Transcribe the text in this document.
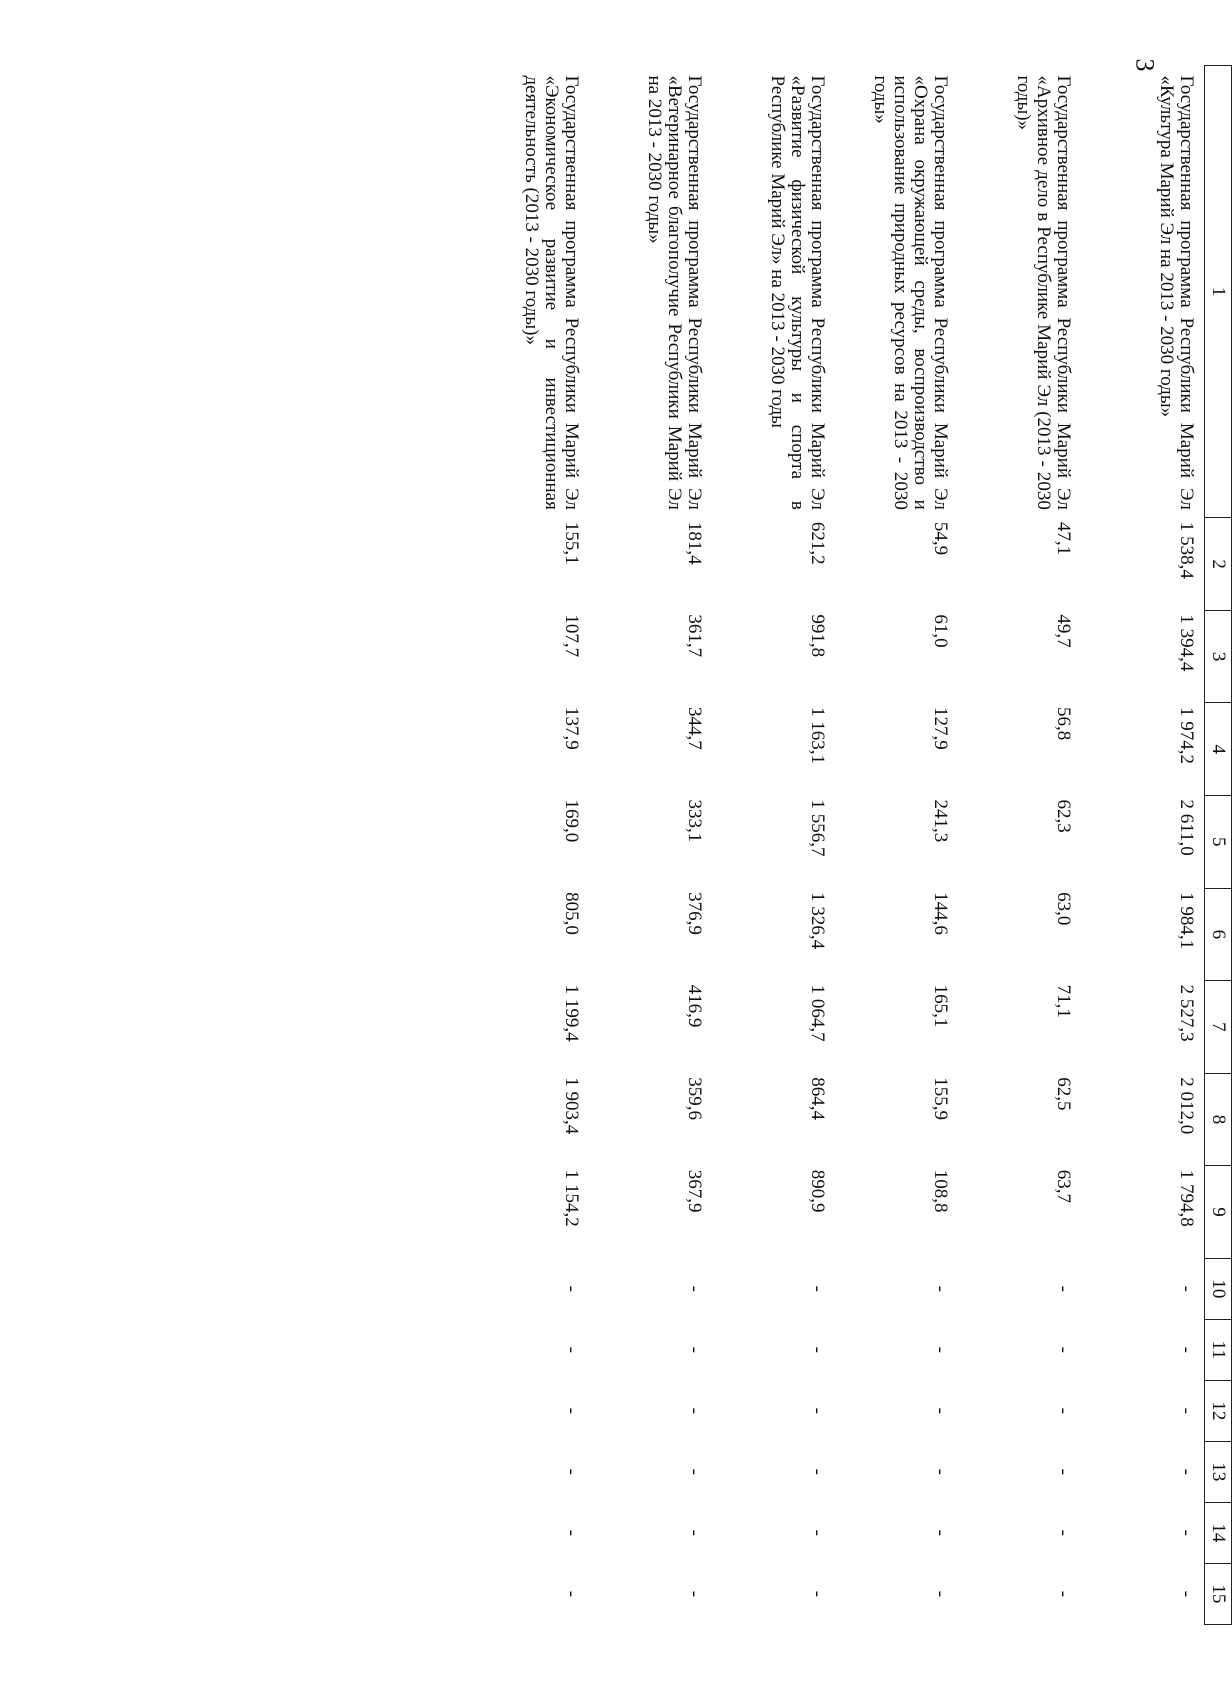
3
1	2	3	4	5	6	7	8	9	10	11	12	13	14	15
Государственная программа Республики Марий Эл «Культура Марий Эл на 2013 - 2030 годы»	1 538,4	1 394,4	1 974,2	2 611,0	1 984,1	2 527,3	2 012,0	1 794,8	-	-	-	-	-	-
Государственная программа Республики Марий Эл «Архивное дело в Республике Марий Эл (2013 - 2030 годы)»	47,1	49,7	56,8	62,3	63,0	71,1	62,5	63,7	-	-	-	-	-	-
Государственная программа Республики Марий Эл «Охрана окружающей среды, воспроизводство и использование природных ресурсов на 2013 - 2030 годы»	54,9	61,0	127,9	241,3	144,6	165,1	155,9	108,8	-	-	-	-	-	-
Государственная программа Республики Марий Эл «Развитие физической культуры и спорта в Республике Марий Эл» на 2013 - 2030 годы	621,2	991,8	1 163,1	1 556,7	1 326,4	1 064,7	864,4	890,9	-	-	-	-	-	-
Государственная программа Республики Марий Эл «Ветеринарное благополучие Республики Марий Эл на 2013 - 2030 годы»	181,4	361,7	344,7	333,1	376,9	416,9	359,6	367,9	-	-	-	-	-	-
Государственная программа Республики Марий Эл «Экономическое развитие и инвестиционная деятельность (2013 - 2030 годы)»	155,1	107,7	137,9	169,0	805,0	1 199,4	1 903,4	1 154,2	-	-	-	-	-	-
